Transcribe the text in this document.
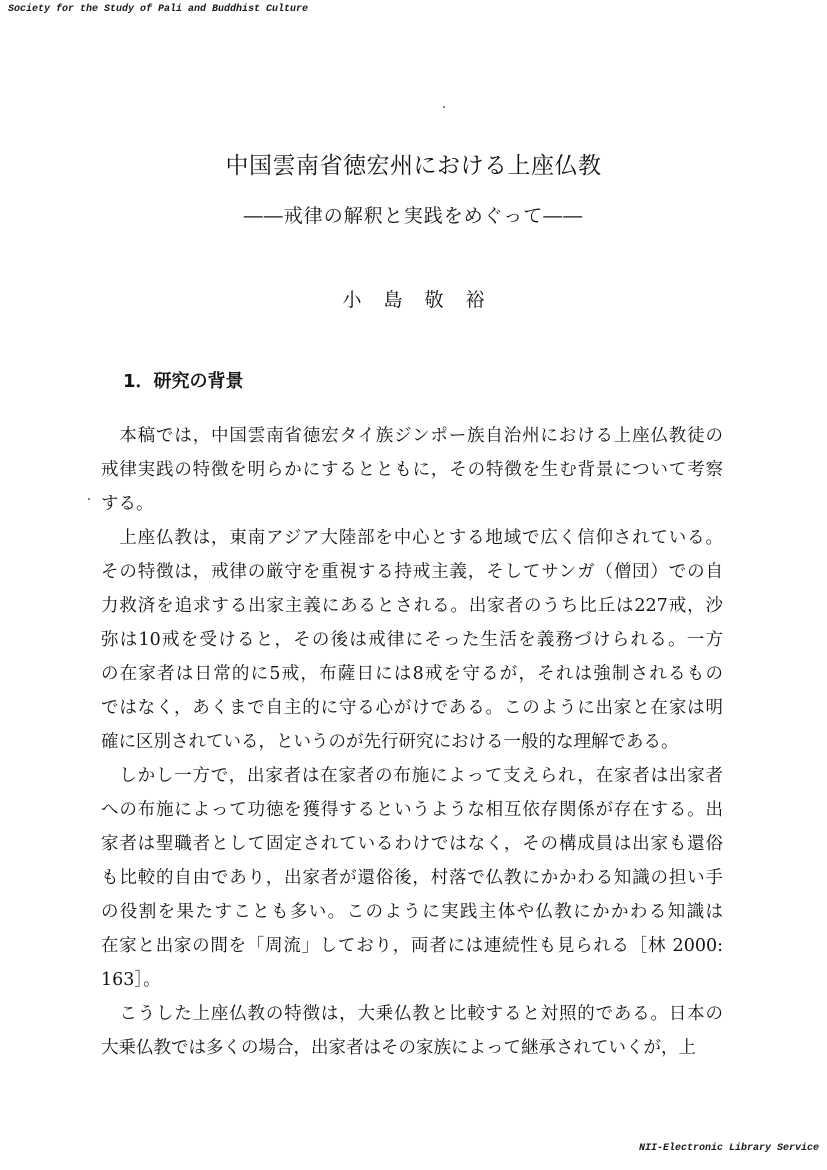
Society for the Study of Pali and Buddhist Culture
中国雲南省徳宏州における上座仏教
――戒律の解釈と実践をめぐって――
小島敬裕
1．研究の背景
　本稿では，中国雲南省徳宏タイ族ジンポー族自治州における上座仏教徒の
戒律実践の特徴を明らかにするとともに，その特徴を生む背景について考察
する。
　上座仏教は，東南アジア大陸部を中心とする地域で広く信仰されている。
その特徴は，戒律の厳守を重視する持戒主義，そしてサンガ（僧団）での自
力救済を追求する出家主義にあるとされる。出家者のうち比丘は227戒，沙
弥は10戒を受けると，その後は戒律にそった生活を義務づけられる。一方
の在家者は日常的に5戒，布薩日には8戒を守るが，それは強制されるもの
ではなく，あくまで自主的に守る心がけである。このように出家と在家は明
確に区別されている，というのが先行研究における一般的な理解である。
　しかし一方で，出家者は在家者の布施によって支えられ，在家者は出家者
への布施によって功徳を獲得するというような相互依存関係が存在する。出
家者は聖職者として固定されているわけではなく，その構成員は出家も還俗
も比較的自由であり，出家者が還俗後，村落で仏教にかかわる知識の担い手
の役割を果たすことも多い。このように実践主体や仏教にかかわる知識は
在家と出家の間を「周流」しており，両者には連続性も見られる［林 2000:
163］。
　こうした上座仏教の特徴は，大乗仏教と比較すると対照的である。日本の
大乗仏教では多くの場合，出家者はその家族によって継承されていくが，上
NII-Electronic Library Service
